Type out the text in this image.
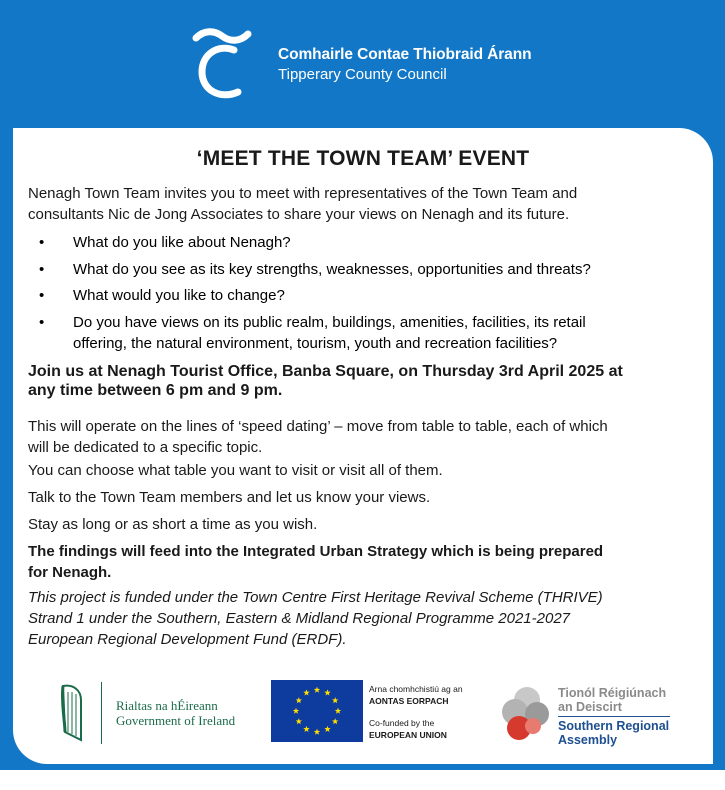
Comhairle Contae Thiobraid Árann
Tipperary County Council
‘MEET THE TOWN TEAM’ EVENT
Nenagh Town Team invites you to meet with representatives of the Town Team and
consultants Nic de Jong Associates to share your views on Nenagh and its future.
• What do you like about Nenagh?
• What do you see as its key strengths, weaknesses, opportunities and threats?
• What would you like to change?
• Do you have views on its public realm, buildings, amenities, facilities, its retail
offering, the natural environment, tourism, youth and recreation facilities?
Join us at Nenagh Tourist Office, Banba Square, on Thursday 3rd April 2025 at
any time between 6 pm and 9 pm.
This will operate on the lines of ‘speed dating’ – move from table to table, each of which
will be dedicated to a specific topic.
You can choose what table you want to visit or visit all of them.
Talk to the Town Team members and let us know your views.
Stay as long or as short a time as you wish.
The findings will feed into the Integrated Urban Strategy which is being prepared
for Nenagh.
This project is funded under the Town Centre First Heritage Revival Scheme (THRIVE)
Strand 1 under the Southern, Eastern & Midland Regional Programme 2021-2027
European Regional Development Fund (ERDF).
Rialtas na hÉireann
Government of Ireland
Arna chomhchistiú ag an
AONTAS EORPACH
Co-funded by the
EUROPEAN UNION
Tionól Réigiúnach
an Deiscirt
Southern Regional
Assembly
